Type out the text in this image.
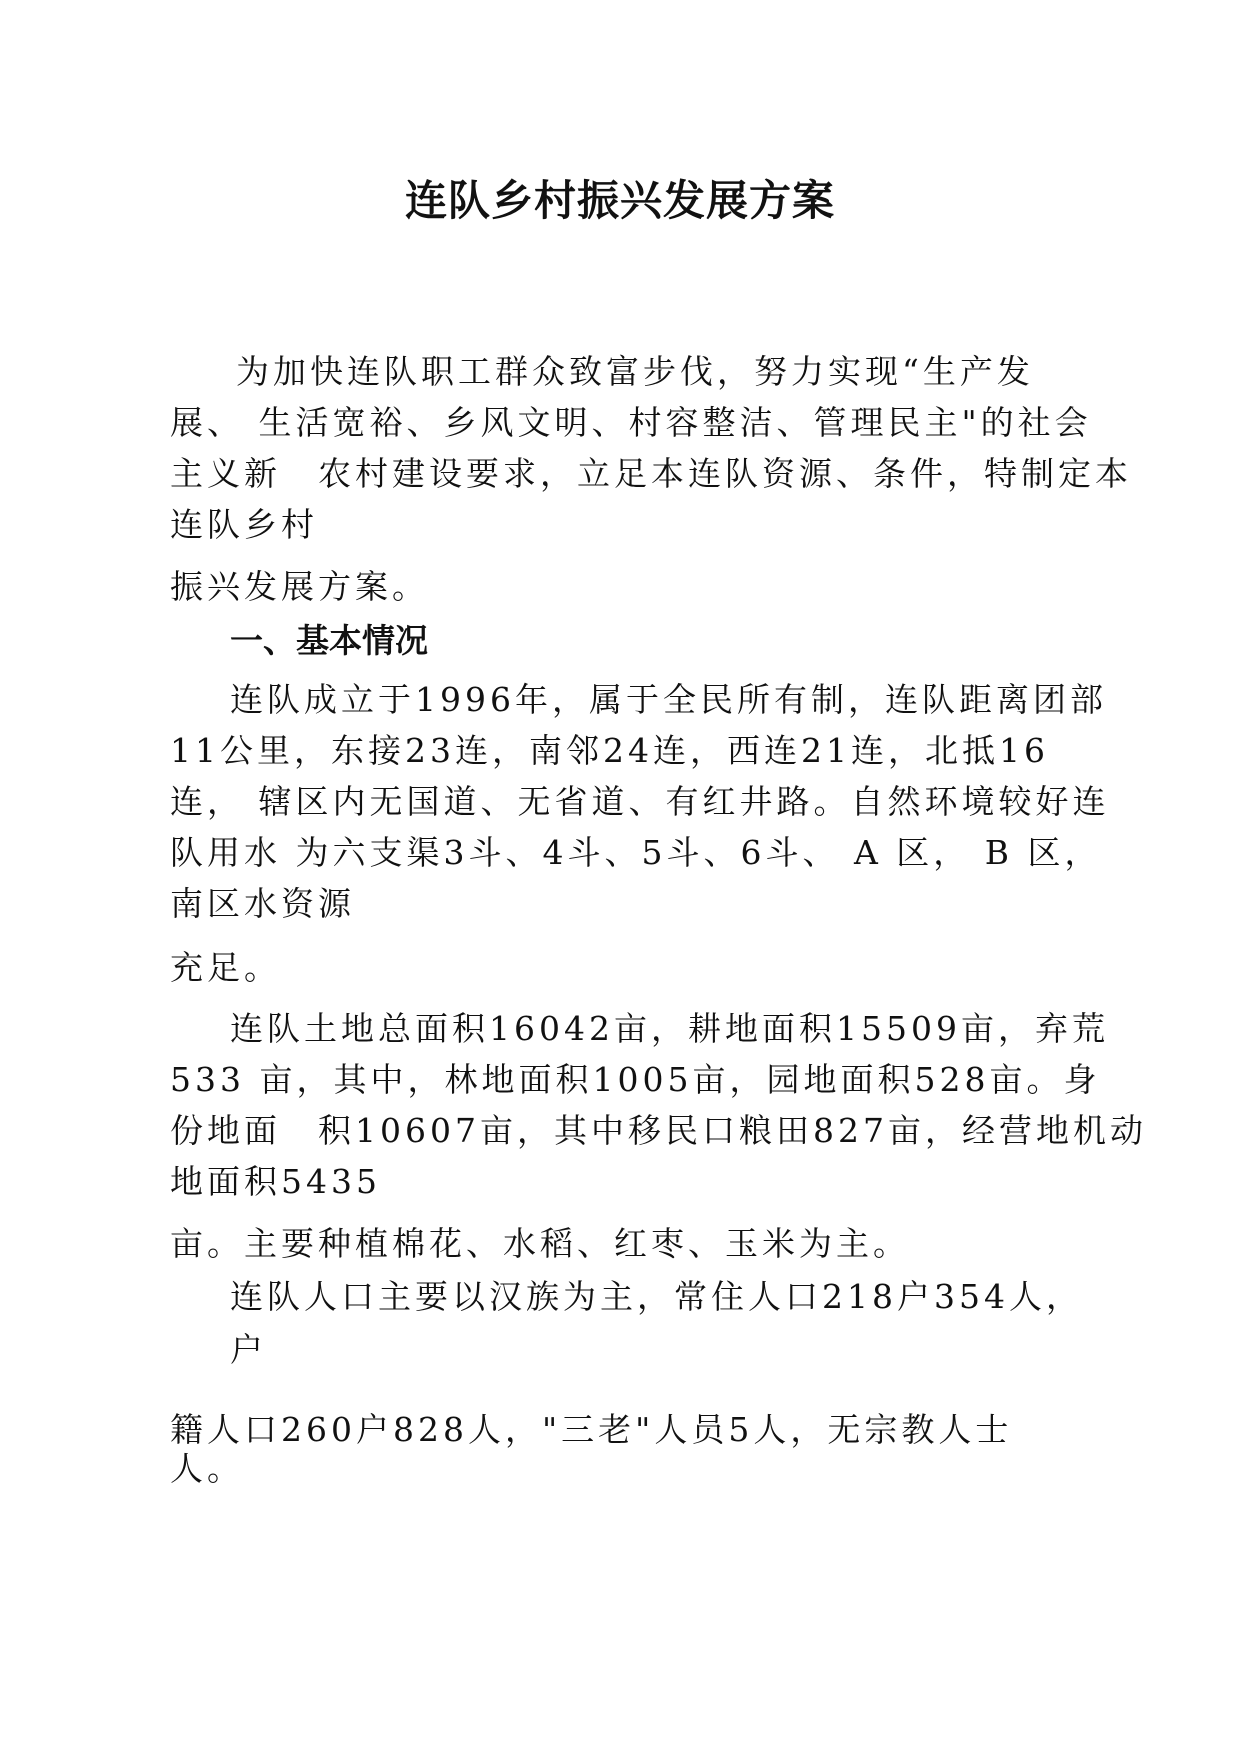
连队乡村振兴发展方案
为加快连队职工群众致富步伐，努力实现“生产发
展、 生活宽裕、乡风文明、村容整洁、管理民主"的社会
主义新　农村建设要求，立足本连队资源、条件，特制定本
连队乡村
振兴发展方案。
一、基本情况
连队成立于1996年，属于全民所有制，连队距离团部
11公里，东接23连，南邻24连，西连21连，北抵16
连， 辖区内无国道、无省道、有红井路。自然环境较好连
队用水 为六支渠3斗、4斗、5斗、6斗、 A 区， B 区，
南区水资源
充足。
连队土地总面积16042亩，耕地面积15509亩，弃荒
533 亩，其中，林地面积1005亩，园地面积528亩。身
份地面　积10607亩，其中移民口粮田827亩，经营地机动
地面积5435
亩。主要种植棉花、水稻、红枣、玉米为主。
连队人口主要以汉族为主，常住人口218户354人，
户
籍人口260户828人，"三老"人员5人，无宗教人士
人。
